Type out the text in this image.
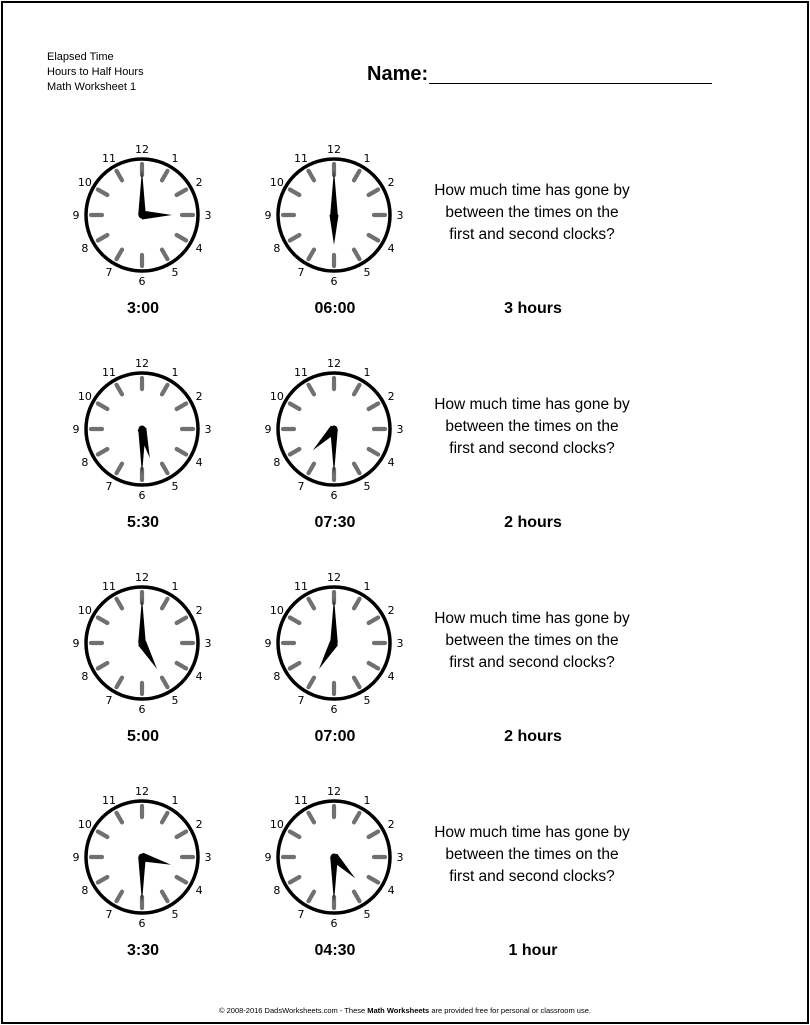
Elapsed Time
Hours to Half Hours
Math Worksheet 1
Name:
12
1
2
3
4
5
6
7
8
9
10
11
3:00
12
1
2
3
4
5
6
7
8
9
10
11
06:00
How much time has gone by
between the times on the
first and second clocks?
3 hours
12
1
2
3
4
5
6
7
8
9
10
11
5:30
12
1
2
3
4
5
6
7
8
9
10
11
07:30
How much time has gone by
between the times on the
first and second clocks?
2 hours
12
1
2
3
4
5
6
7
8
9
10
11
5:00
12
1
2
3
4
5
6
7
8
9
10
11
07:00
How much time has gone by
between the times on the
first and second clocks?
2 hours
12
1
2
3
4
5
6
7
8
9
10
11
3:30
12
1
2
3
4
5
6
7
8
9
10
11
04:30
How much time has gone by
between the times on the
first and second clocks?
1 hour
© 2008-2016 DadsWorksheets.com - These Math Worksheets are provided free for personal or classroom use.
